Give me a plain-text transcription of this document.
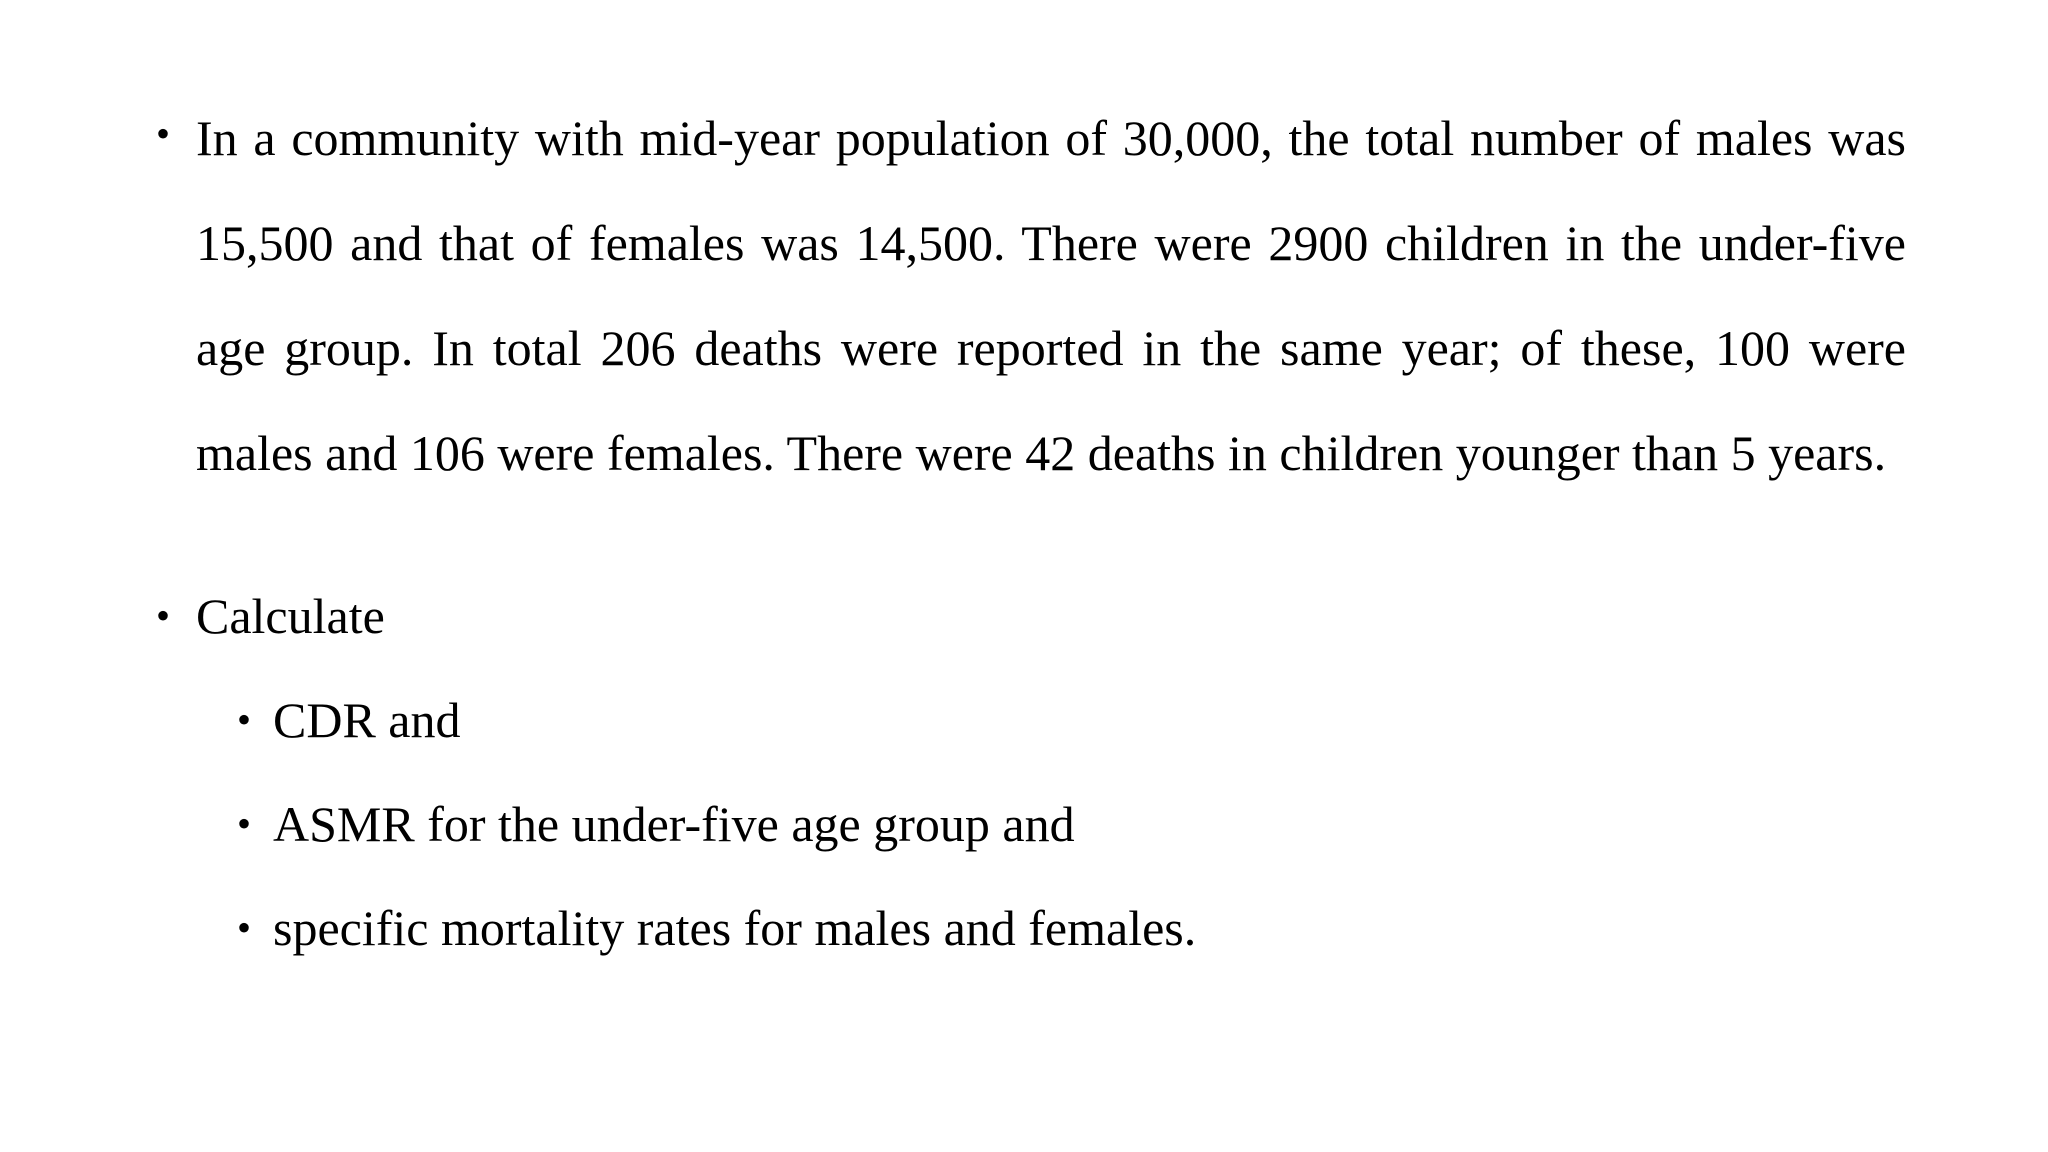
• In a community with mid-year population of 30,000, the total number of males was 15,500 and that of females was 14,500. There were 2900 children in the under-five age group. In total 206 deaths were reported in the same year; of these, 100 were males and 106 were females. There were 42 deaths in children younger than 5 years.
• Calculate
• CDR and
• ASMR for the under-five age group and
• specific mortality rates for males and females.
